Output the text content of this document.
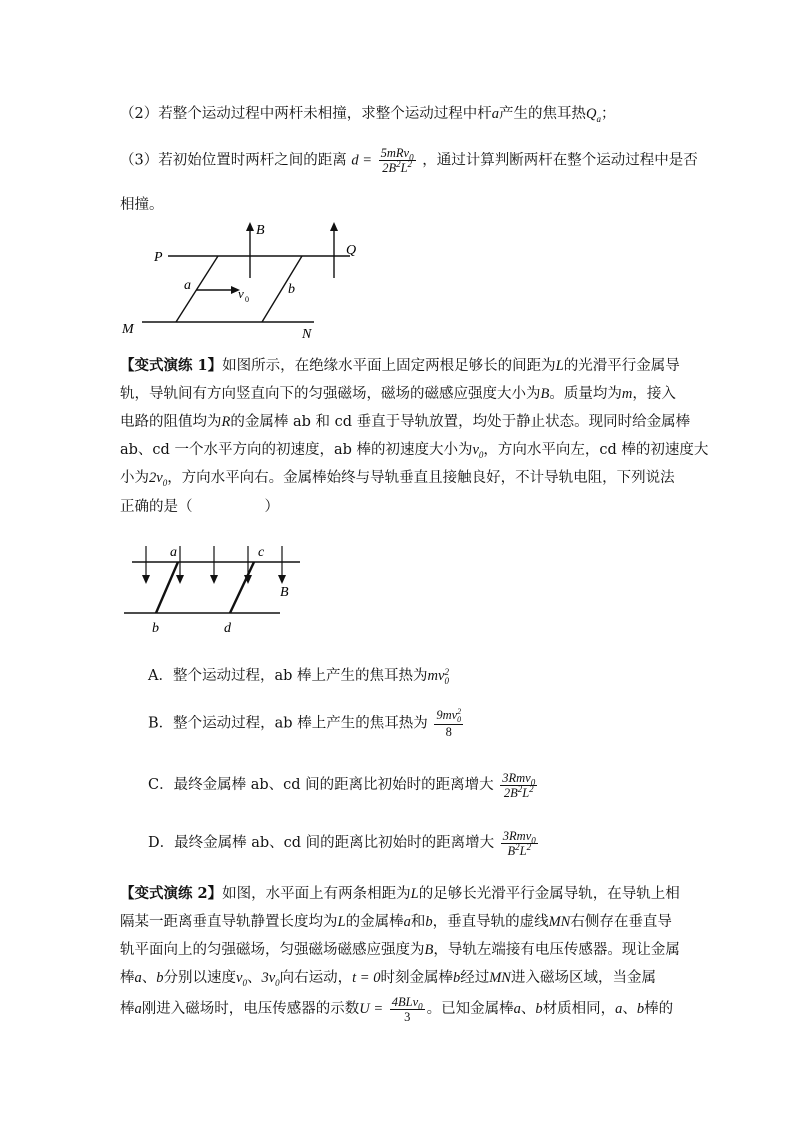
（2）若整个运动过程中两杆未相撞，求整个运动过程中杆a产生的焦耳热$Q_a$；
（3）若初始位置时两杆之间的距离 $d = \frac{5mRv_0}{2B^2L^2}$ ，通过计算判断两杆在整个运动过程中是否
相撞。
B
P	Q
a	b
v 0
M	N
【变式演练 1】如图所示，在绝缘水平面上固定两根足够长的间距为L的光滑平行金属导
轨，导轨间有方向竖直向下的匀强磁场，磁场的磁感应强度大小为B。质量均为m，接入
电路的阻值均为R的金属棒 ab 和 cd 垂直于导轨放置，均处于静止状态。现同时给金属棒
ab、cd 一个水平方向的初速度，ab 棒的初速度大小为$v_0$，方向水平向左，cd 棒的初速度大
小为$2v_0$，方向水平向右。金属棒始终与导轨垂直且接触良好，不计导轨电阻，下列说法
正确的是（	）
a	c
B
b	d
A．整个运动过程，ab 棒上产生的焦耳热为mv 2
0
B．整个运动过程，ab 棒上产生的焦耳热为 9mv 2
0
8
C．最终金属棒 ab、cd 间的距离比初始时的距离增大 $\frac{3Rmv_0}{2B^2L^2}$
D．最终金属棒 ab、cd 间的距离比初始时的距离增大 $\frac{3Rmv_0}{B^2L^2}$
【变式演练 2】如图，水平面上有两条相距为L的足够长光滑平行金属导轨，在导轨上相
隔某一距离垂直导轨静置长度均为L的金属棒a和b，垂直导轨的虚线MN右侧存在垂直导
轨平面向上的匀强磁场，匀强磁场磁感应强度为B，导轨左端接有电压传感器。现让金属
棒a、b分别以速度$v_0$、$3v_0$向右运动，t = 0时刻金属棒b经过MN进入磁场区域，当金属
棒a刚进入磁场时，电压传感器的示数$U = \frac{4BLv_0}{3}$ 。已知金属棒a、b材质相同，a、b棒的
